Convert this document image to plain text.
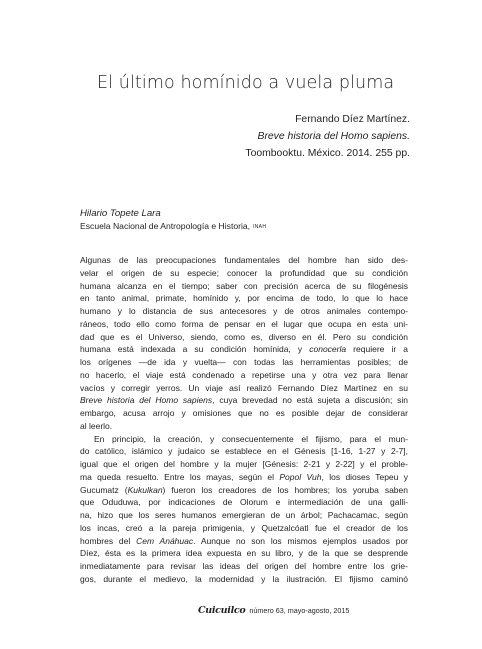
El último homínido a vuela pluma
Fernando Díez Martínez.
Breve historia del Homo sapiens.
Toombooktu. México. 2014. 255 pp.
Hilario Topete Lara
Escuela Nacional de Antropología e Historia, INAH
Algunas de las preocupaciones fundamentales del hombre han sido des-
velar el origen de su especie; conocer la profundidad que su condición
humana alcanza en el tiempo; saber con precisión acerca de su filogénesis
en tanto animal, primate, homínido y, por encima de todo, lo que lo hace
humano y lo distancia de sus antecesores y de otros animales contempo-
ráneos, todo ello como forma de pensar en el lugar que ocupa en esta uni-
dad que es el Universo, siendo, como es, diverso en él. Pero su condición
humana está indexada a su condición homínida, y conocerla requiere ir a
los orígenes —de ida y vuelta— con todas las herramientas posibles; de
no hacerlo, el viaje está condenado a repetirse una y otra vez para llenar
vacíos y corregir yerros. Un viaje así realizó Fernando Díez Martínez en su
Breve historia del Homo sapiens, cuya brevedad no está sujeta a discusión; sin
embargo, acusa arrojo y omisiones que no es posible dejar de considerar
al leerlo.
En principio, la creación, y consecuentemente el fijismo, para el mun-
do católico, islámico y judaico se establece en el Génesis [1-16, 1-27 y 2-7],
igual que el origen del hombre y la mujer [Génesis: 2-21 y 2-22] y el proble-
ma queda resuelto. Entre los mayas, según el Popol Vuh, los dioses Tepeu y
Gucumatz (Kukulkan) fueron los creadores de los hombres; los yoruba saben
que Oduduwa, por indicaciones de Olorum e intermediación de una galli-
na, hizo que los seres humanos emergieran de un árbol; Pachacamac, según
los incas, creó a la pareja primigenia, y Quetzalcóatl fue el creador de los
hombres del Cem Anáhuac. Aunque no son los mismos ejemplos usados por
Díez, ésta es la primera idea expuesta en su libro, y de la que se desprende
inmediatamente para revisar las ideas del origen del hombre entre los grie-
gos, durante el medievo, la modernidad y la ilustración. El fijismo caminó
Cuicuilco número 63, mayo-agosto, 2015
